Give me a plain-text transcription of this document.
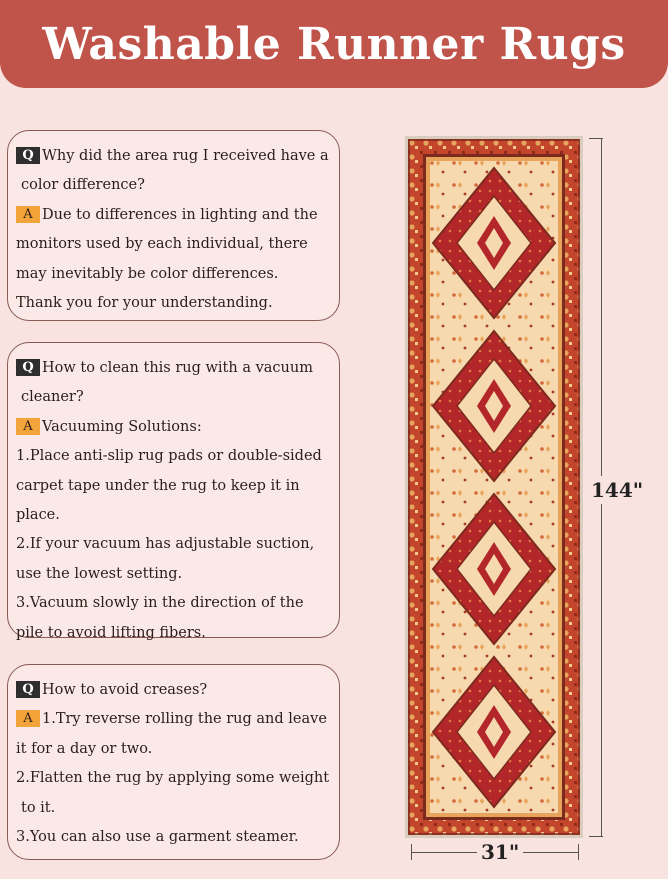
Washable Runner Rugs

Q Why did the area rug I received have a

color difference?

A Due to differences in lighting and the

monitors used by each individual, there

may inevitably be color differences.

Thank you for your understanding.

Q How to clean this rug with a vacuum

cleaner?

A Vacuuming Solutions:

1.Place anti-slip rug pads or double-sided

carpet tape under the rug to keep it in

place.

2.If your vacuum has adjustable suction,

use the lowest setting.

3.Vacuum slowly in the direction of the

pile to avoid lifting fibers.

Q How to avoid creases?

A 1.Try reverse rolling the rug and leave

it for a day or two.

2.Flatten the rug by applying some weight

to it.

3.You can also use a garment steamer.

144"
31"
